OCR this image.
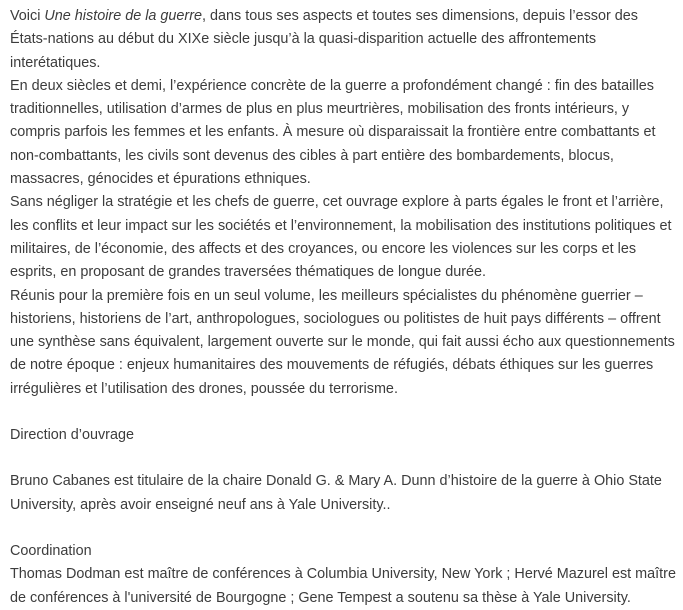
Voici Une histoire de la guerre, dans tous ses aspects et toutes ses dimensions, depuis l’essor des États-nations au début du XIXe siècle jusqu’à la quasi-disparition actuelle des affrontements interétatiques.

En deux siècles et demi, l’expérience concrète de la guerre a profondément changé : fin des batailles traditionnelles, utilisation d’armes de plus en plus meurtrières, mobilisation des fronts intérieurs, y compris parfois les femmes et les enfants. À mesure où disparaissait la frontière entre combattants et non-combattants, les civils sont devenus des cibles à part entière des bombardements, blocus, massacres, génocides et épurations ethniques.

Sans négliger la stratégie et les chefs de guerre, cet ouvrage explore à parts égales le front et l’arrière, les conflits et leur impact sur les sociétés et l’environnement, la mobilisation des institutions politiques et militaires, de l’économie, des affects et des croyances, ou encore les violences sur les corps et les esprits, en proposant de grandes traversées thématiques de longue durée.

Réunis pour la première fois en un seul volume, les meilleurs spécialistes du phénomène guerrier – historiens, historiens de l’art, anthropologues, sociologues ou politistes de huit pays différents – offrent une synthèse sans équivalent, largement ouverte sur le monde, qui fait aussi écho aux questionnements de notre époque : enjeux humanitaires des mouvements de réfugiés, débats éthiques sur les guerres irrégulières et l’utilisation des drones, poussée du terrorisme.

Direction d’ouvrage

Bruno Cabanes est titulaire de la chaire Donald G. & Mary A. Dunn d’histoire de la guerre à Ohio State University, après avoir enseigné neuf ans à Yale University..

Coordination

Thomas Dodman est maître de conférences à Columbia University, New York ; Hervé Mazurel est maître de conférences à l'université de Bourgogne ; Gene Tempest a soutenu sa thèse à Yale University.
